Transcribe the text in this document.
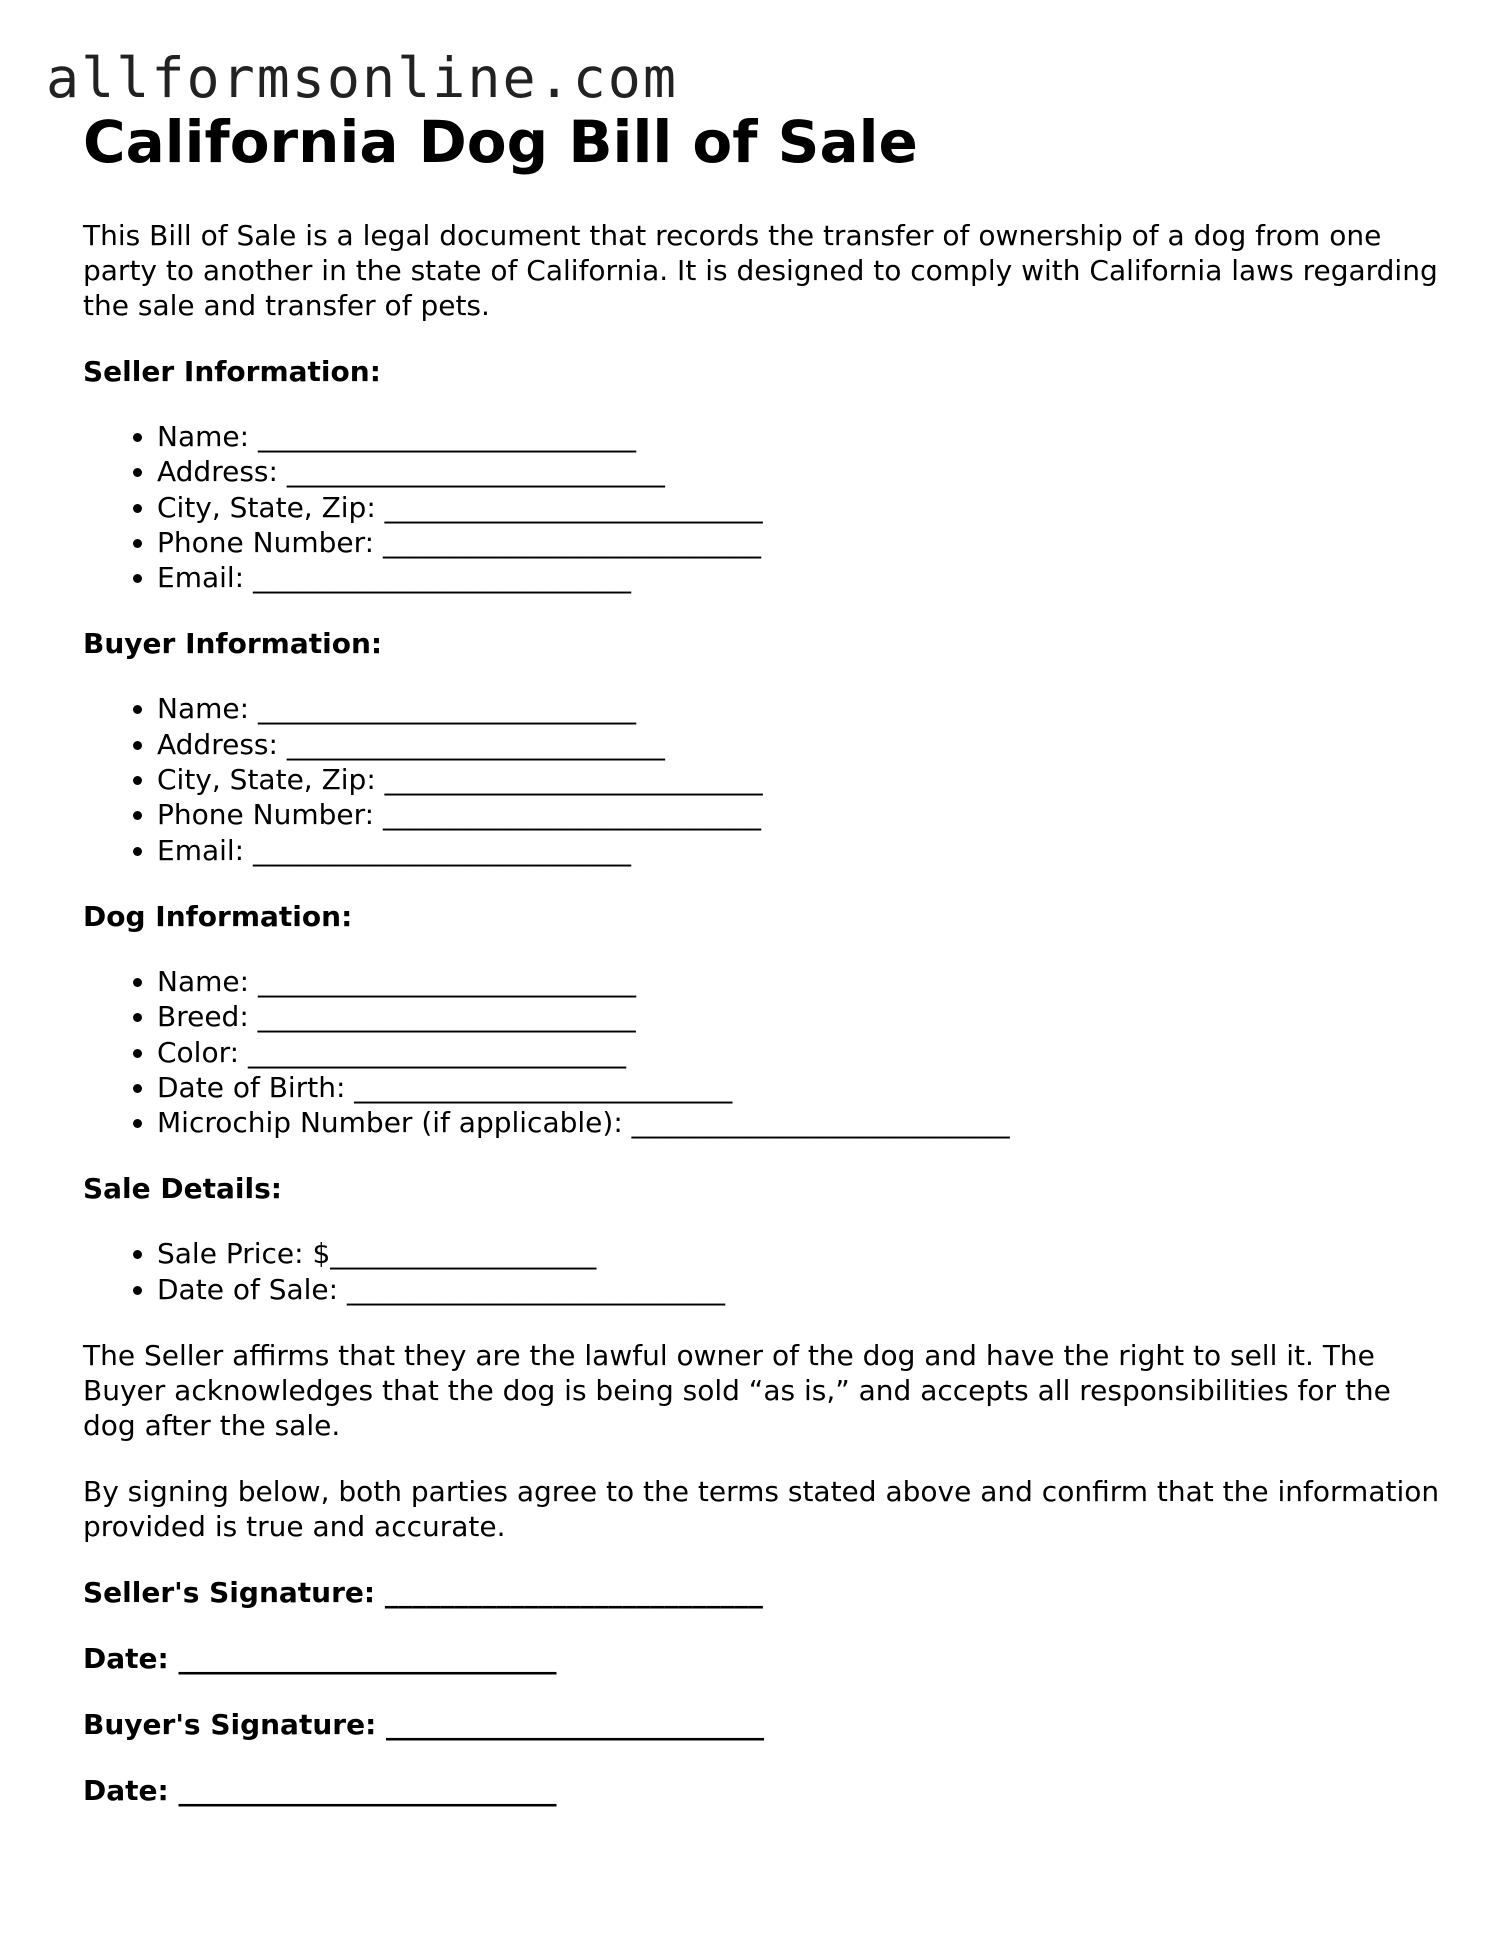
allformsonline.com
California Dog Bill of Sale

This Bill of Sale is a legal document that records the transfer of ownership of a dog from one party to another in the state of California. It is designed to comply with California laws regarding the sale and transfer of pets.

Seller Information:
• Name: ___________________________
• Address: ___________________________
• City, State, Zip: ___________________________
• Phone Number: ___________________________
• Email: ___________________________
Buyer Information:
• Name: ___________________________
• Address: ___________________________
• City, State, Zip: ___________________________
• Phone Number: ___________________________
• Email: ___________________________
Dog Information:
• Name: ___________________________
• Breed: ___________________________
• Color: ___________________________
• Date of Birth: ___________________________
• Microchip Number (if applicable): ___________________________
Sale Details:
• Sale Price: $___________________
• Date of Sale: ___________________________

The Seller affirms that they are the lawful owner of the dog and have the right to sell it. The Buyer acknowledges that the dog is being sold “as is,” and accepts all responsibilities for the dog after the sale.

By signing below, both parties agree to the terms stated above and confirm that the information provided is true and accurate.

Seller's Signature: ___________________________
Date: ___________________________
Buyer's Signature: ___________________________
Date: ___________________________
